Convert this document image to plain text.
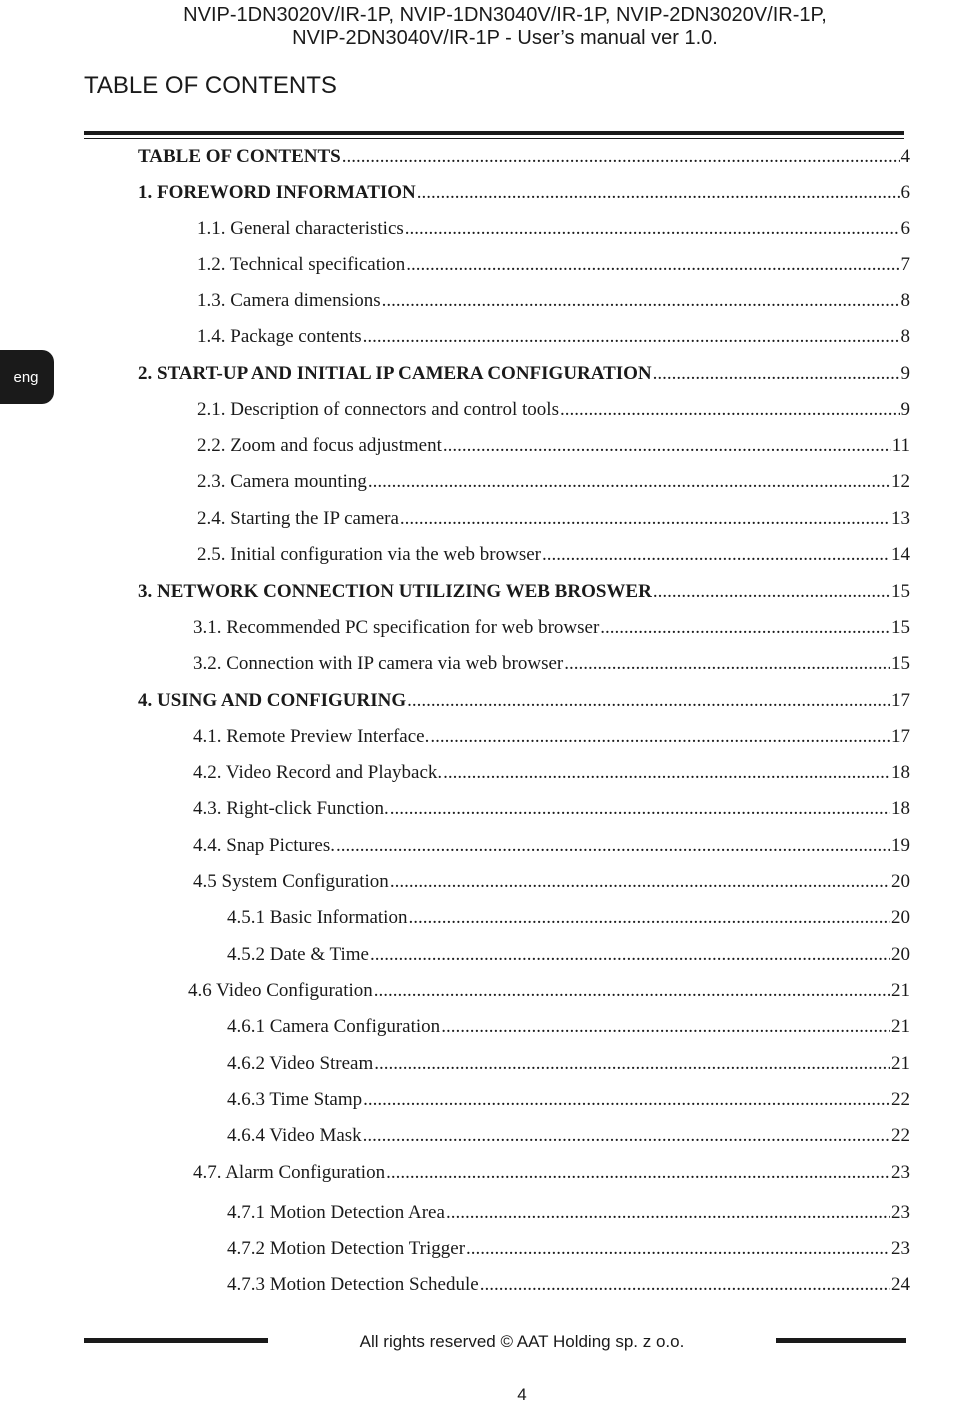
NVIP-1DN3020V/IR-1P, NVIP-1DN3040V/IR-1P, NVIP-2DN3020V/IR-1P,
NVIP-2DN3040V/IR-1P - User’s manual ver 1.0.
TABLE OF CONTENTS
eng
TABLE OF CONTENTS .....	4
1. FOREWORD INFORMATION .....	6
1.1. General characteristics .....	6
1.2. Technical specification .....	7
1.3. Camera dimensions .....	8
1.4. Package contents .....	8
2. START-UP AND INITIAL IP CAMERA CONFIGURATION .....	9
2.1. Description of connectors and control tools .....	9
2.2. Zoom and focus adjustment .....	11
2.3. Camera mounting .....	12
2.4. Starting the IP camera .....	13
2.5. Initial configuration via the web browser .....	14
3. NETWORK CONNECTION UTILIZING WEB BROSWER .....	15
3.1. Recommended PC specification for web browser .....	15
3.2. Connection with IP camera via web browser .....	15
4. USING AND CONFIGURING .....	17
4.1. Remote Preview Interface. .....	17
4.2. Video Record and Playback. .....	18
4.3. Right-click Function. .....	18
4.4. Snap Pictures. .....	19
4.5 System Configuration .....	20
4.5.1 Basic Information .....	20
4.5.2 Date & Time .....	20
4.6 Video Configuration .....	21
4.6.1 Camera Configuration .....	21
4.6.2 Video Stream .....	21
4.6.3 Time Stamp .....	22
4.6.4 Video Mask .....	22
4.7. Alarm Configuration .....	23
4.7.1 Motion Detection Area .....	23
4.7.2 Motion Detection Trigger .....	23
4.7.3 Motion Detection Schedule .....	24
All rights reserved © AAT Holding sp. z o.o.
4
